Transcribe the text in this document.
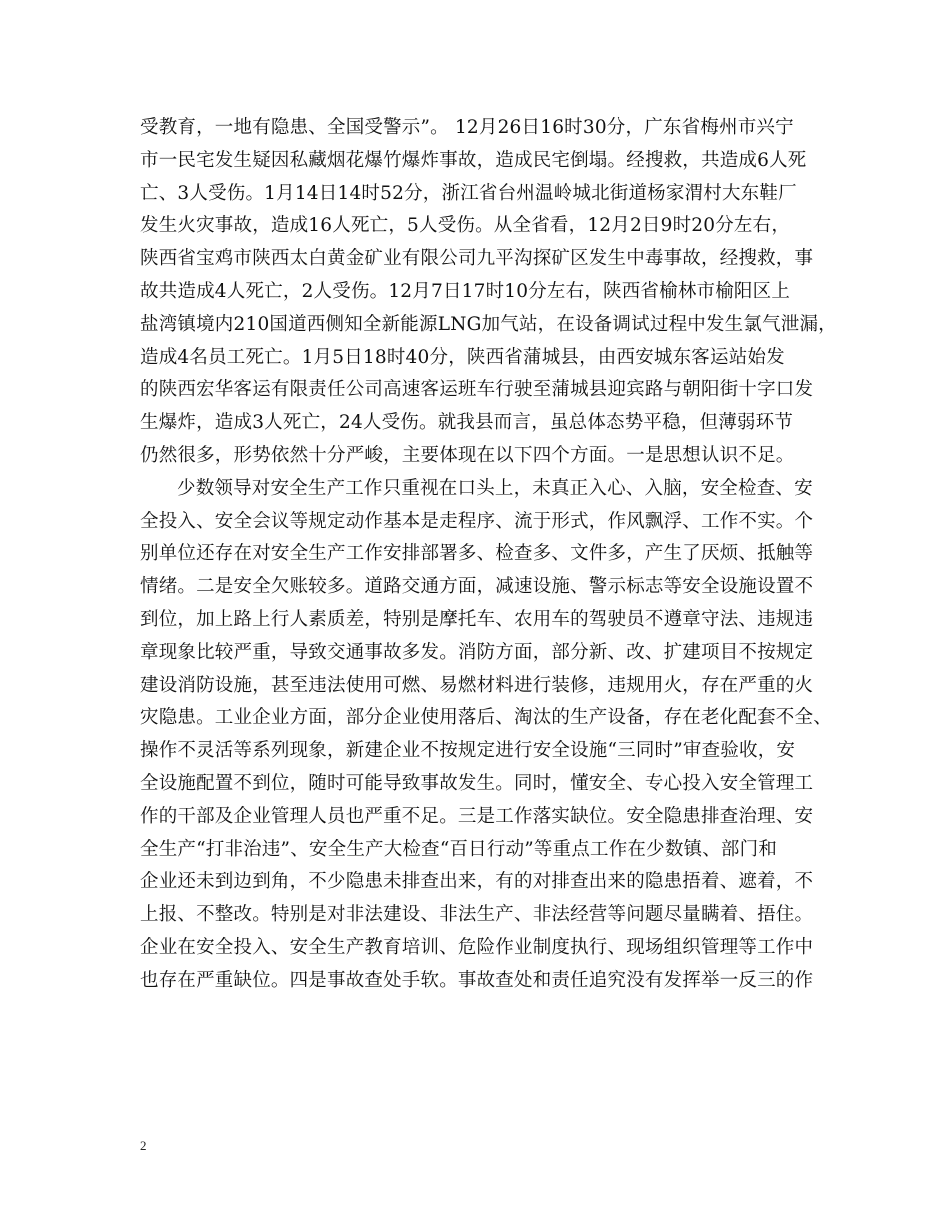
受教育，一地有隐患、全国受警示”。 12月26日16时30分，广东省梅州市兴宁
市一民宅发生疑因私藏烟花爆竹爆炸事故，造成民宅倒塌。经搜救，共造成6人死
亡、3人受伤。1月14日14时52分，浙江省台州温岭城北街道杨家渭村大东鞋厂
发生火灾事故，造成16人死亡，5人受伤。从全省看，12月2日9时20分左右，
陕西省宝鸡市陕西太白黄金矿业有限公司九平沟探矿区发生中毒事故，经搜救，事
故共造成4人死亡，2人受伤。12月7日17时10分左右，陕西省榆林市榆阳区上
盐湾镇境内210国道西侧知全新能源LNG加气站，在设备调试过程中发生氯气泄漏，
造成4名员工死亡。1月5日18时40分，陕西省蒲城县，由西安城东客运站始发
的陕西宏华客运有限责任公司高速客运班车行驶至蒲城县迎宾路与朝阳街十字口发
生爆炸，造成3人死亡，24人受伤。就我县而言，虽总体态势平稳，但薄弱环节
仍然很多，形势依然十分严峻，主要体现在以下四个方面。一是思想认识不足。
少数领导对安全生产工作只重视在口头上，未真正入心、入脑，安全检查、安
全投入、安全会议等规定动作基本是走程序、流于形式，作风飘浮、工作不实。个
别单位还存在对安全生产工作安排部署多、检查多、文件多，产生了厌烦、抵触等
情绪。二是安全欠账较多。道路交通方面，减速设施、警示标志等安全设施设置不
到位，加上路上行人素质差，特别是摩托车、农用车的驾驶员不遵章守法、违规违
章现象比较严重，导致交通事故多发。消防方面，部分新、改、扩建项目不按规定
建设消防设施，甚至违法使用可燃、易燃材料进行装修，违规用火，存在严重的火
灾隐患。工业企业方面，部分企业使用落后、淘汰的生产设备，存在老化配套不全、
操作不灵活等系列现象，新建企业不按规定进行安全设施“三同时”审查验收，安
全设施配置不到位，随时可能导致事故发生。同时，懂安全、专心投入安全管理工
作的干部及企业管理人员也严重不足。三是工作落实缺位。安全隐患排查治理、安
全生产“打非治违”、安全生产大检查“百日行动”等重点工作在少数镇、部门和
企业还未到边到角，不少隐患未排查出来，有的对排查出来的隐患捂着、遮着，不
上报、不整改。特别是对非法建设、非法生产、非法经营等问题尽量瞒着、捂住。
企业在安全投入、安全生产教育培训、危险作业制度执行、现场组织管理等工作中
也存在严重缺位。四是事故查处手软。事故查处和责任追究没有发挥举一反三的作
2
